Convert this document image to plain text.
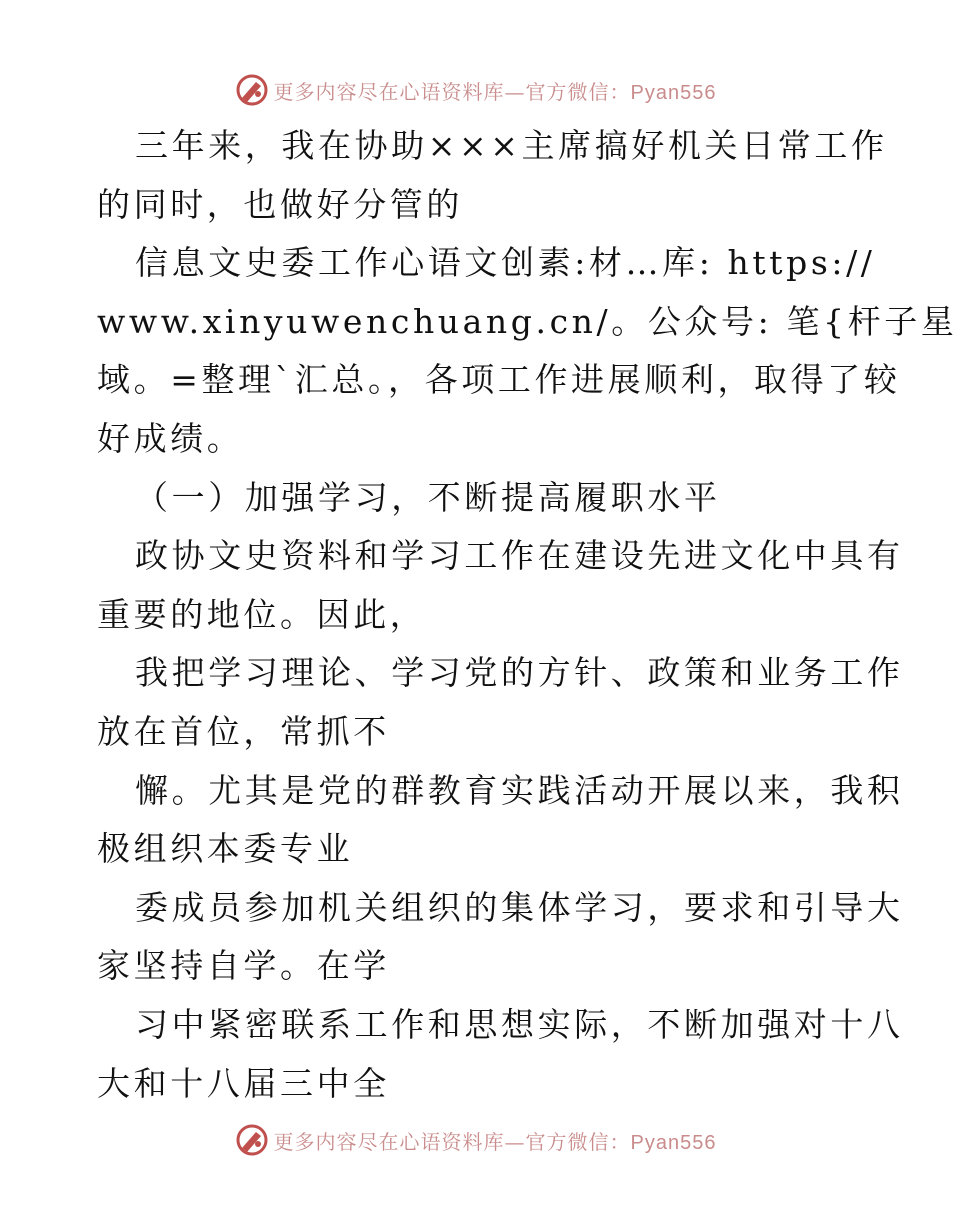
更多内容尽在心语资料库—官方微信：Pyan556
三年来，我在协助×××主席搞好机关日常工作
的同时，也做好分管的
信息文史委工作心语文创素:材…库: https://
www.xinyuwenchuang.cn/。公众号: 笔{杆子星
域。=整理`汇总。，各项工作进展顺利，取得了较
好成绩。
（一）加强学习，不断提高履职水平
政协文史资料和学习工作在建设先进文化中具有
重要的地位。因此，
我把学习理论、学习党的方针、政策和业务工作
放在首位，常抓不
懈。尤其是党的群教育实践活动开展以来，我积
极组织本委专业
委成员参加机关组织的集体学习，要求和引导大
家坚持自学。在学
习中紧密联系工作和思想实际，不断加强对十八
大和十八届三中全
更多内容尽在心语资料库—官方微信：Pyan556
